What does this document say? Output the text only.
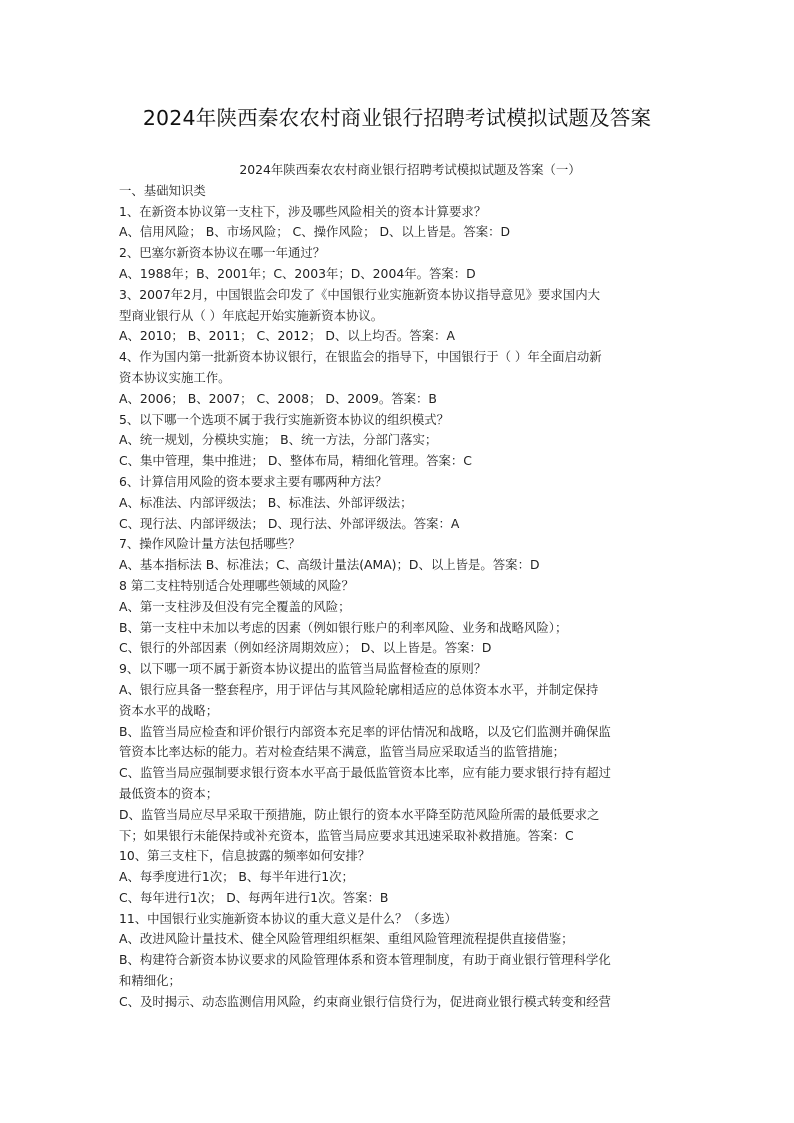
2024年陕西秦农农村商业银行招聘考试模拟试题及答案
2024年陕西秦农农村商业银行招聘考试模拟试题及答案（一）
一、基础知识类
1、在新资本协议第一支柱下，涉及哪些风险相关的资本计算要求？
A、信用风险； B、市场风险； C、操作风险； D、以上皆是。答案：D
2、巴塞尔新资本协议在哪一年通过？
A、1988年；B、2001年；C、2003年；D、2004年。答案：D
3、2007年2月，中国银监会印发了《中国银行业实施新资本协议指导意见》要求国内大
型商业银行从（ ）年底起开始实施新资本协议。
A、2010； B、2011； C、2012； D、以上均否。答案：A
4、作为国内第一批新资本协议银行，在银监会的指导下，中国银行于（ ）年全面启动新
资本协议实施工作。
A、2006； B、2007； C、2008； D、2009。答案：B
5、以下哪一个选项不属于我行实施新资本协议的组织模式？
A、统一规划，分模块实施； B、统一方法，分部门落实；
C、集中管理，集中推进； D、整体布局，精细化管理。答案：C
6、计算信用风险的资本要求主要有哪两种方法？
A、标准法、内部评级法； B、标准法、外部评级法；
C、现行法、内部评级法； D、现行法、外部评级法。答案：A
7、操作风险计量方法包括哪些？
A、基本指标法 B、标准法；C、高级计量法(AMA)；D、以上皆是。答案：D
8 第二支柱特别适合处理哪些领域的风险？
A、第一支柱涉及但没有完全覆盖的风险；
B、第一支柱中未加以考虑的因素（例如银行账户的利率风险、业务和战略风险）；
C、银行的外部因素（例如经济周期效应）； D、以上皆是。答案：D
9、以下哪一项不属于新资本协议提出的监管当局监督检查的原则？
A、银行应具备一整套程序，用于评估与其风险轮廓相适应的总体资本水平，并制定保持
资本水平的战略；
B、监管当局应检查和评价银行内部资本充足率的评估情况和战略，以及它们监测并确保监
管资本比率达标的能力。若对检查结果不满意，监管当局应采取适当的监管措施；
C、监管当局应强制要求银行资本水平高于最低监管资本比率，应有能力要求银行持有超过
最低资本的资本；
D、监管当局应尽早采取干预措施，防止银行的资本水平降至防范风险所需的最低要求之
下；如果银行未能保持或补充资本，监管当局应要求其迅速采取补救措施。答案：C
10、第三支柱下，信息披露的频率如何安排？
A、每季度进行1次； B、每半年进行1次；
C、每年进行1次； D、每两年进行1次。答案：B
11、中国银行业实施新资本协议的重大意义是什么？（多选）
A、改进风险计量技术、健全风险管理组织框架、重组风险管理流程提供直接借鉴；
B、构建符合新资本协议要求的风险管理体系和资本管理制度，有助于商业银行管理科学化
和精细化；
C、及时揭示、动态监测信用风险，约束商业银行信贷行为，促进商业银行模式转变和经营
